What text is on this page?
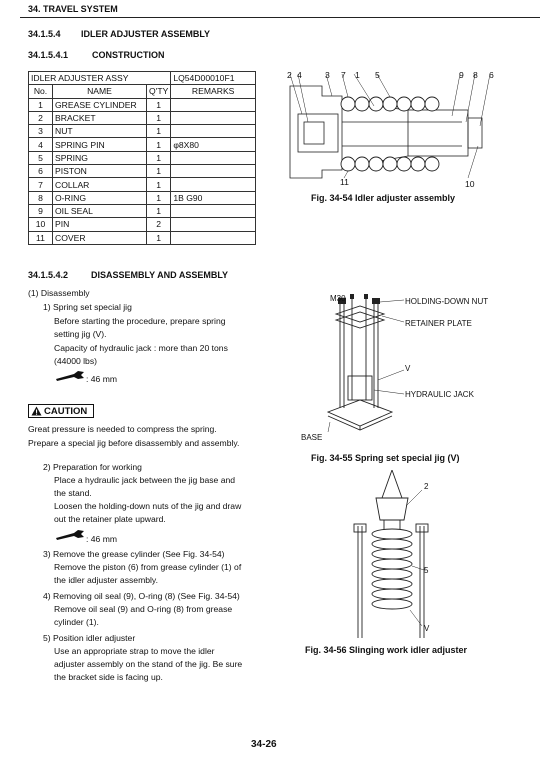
34. TRAVEL SYSTEM
34.1.5.4 IDLER ADJUSTER ASSEMBLY
34.1.5.4.1	CONSTRUCTION
IDLER ADJUSTER ASSY			LQ54D00010F1
No.	NAME	Q'TY	REMARKS
1	GREASE CYLINDER	1	
2	BRACKET	1	
3	NUT	1	
4	SPRING PIN	1	φ8X80
5	SPRING	1	
6	PISTON	1	
7	COLLAR	1	
8	O-RING	1	1B G90
9	OIL SEAL	1	
10	PIN	2	
11	COVER	1	
2 4	3 7 1 5	9 8 6
11	10
Fig. 34-54 Idler adjuster assembly
34.1.5.4.2	DISASSEMBLY AND ASSEMBLY
(1) Disassembly
1) Spring set special jig
Before starting the procedure, prepare spring
setting jig (V).
Capacity of hydraulic jack : more than 20 tons
(44000 lbs)
: 46 mm
CAUTION
Great pressure is needed to compress the spring.
Prepare a special jig before disassembly and assembly.
2) Preparation for working
Place a hydraulic jack between the jig base and
the stand.
Loosen the holding-down nuts of the jig and draw
out the retainer plate upward.
: 46 mm
3) Remove the grease cylinder (See Fig. 34-54)
Remove the piston (6) from grease cylinder (1) of
the idler adjuster assembly.
4) Removing oil seal (9), O-ring (8) (See Fig. 34-54)
Remove oil seal (9) and O-ring (8) from grease
cylinder (1).
5) Position idler adjuster
Use an appropriate strap to move the idler
adjuster assembly on the stand of the jig. Be sure
the bracket side is facing up.
M30	HOLDING-DOWN NUT
RETAINER PLATE
V
HYDRAULIC JACK
BASE
Fig. 34-55 Spring set special jig (V)
2
5
V
Fig. 34-56 Slinging work idler adjuster
34-26
